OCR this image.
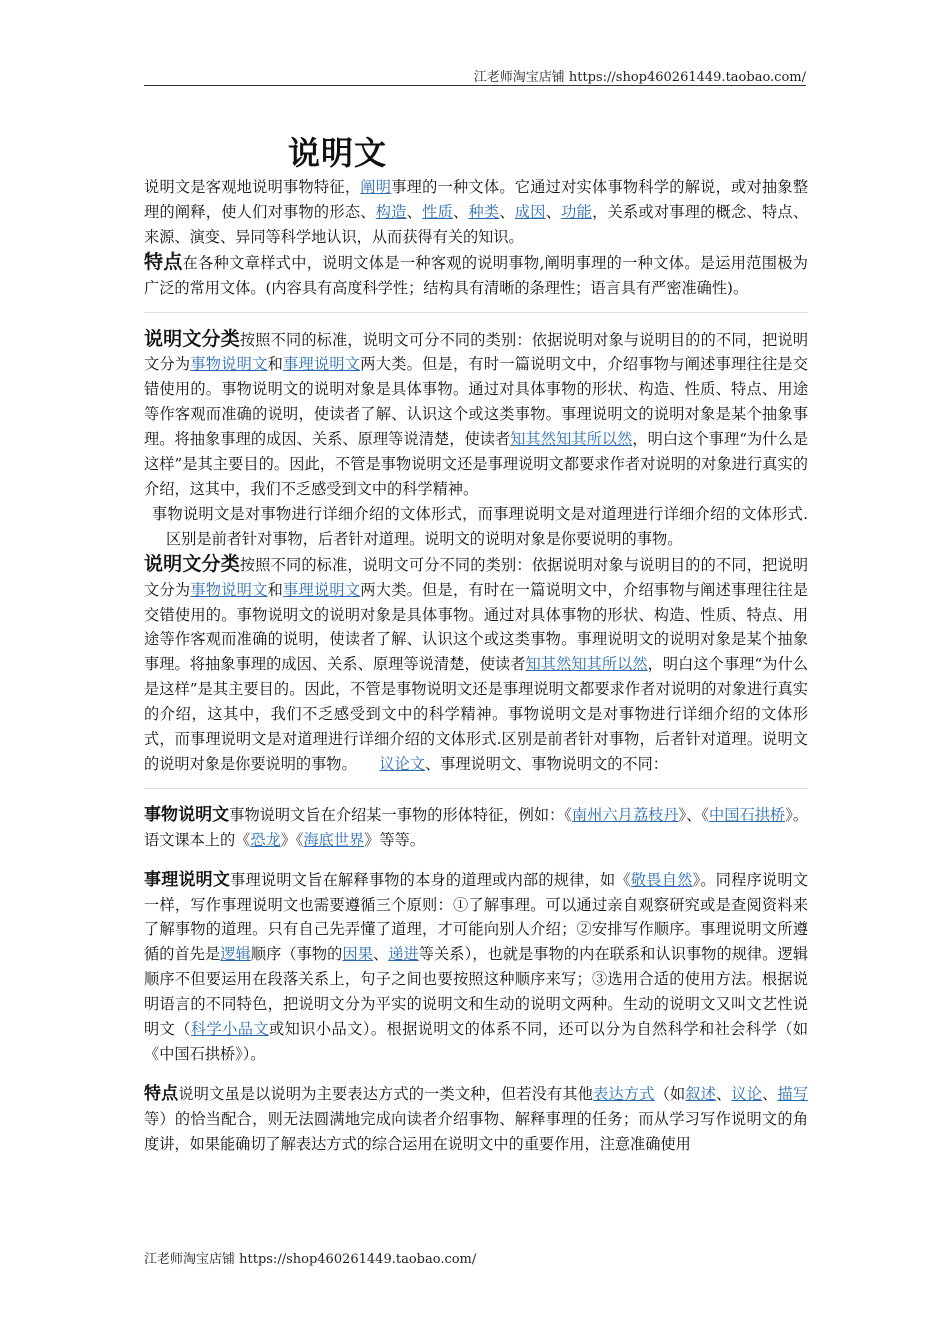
江老师淘宝店铺 https://shop460261449.taobao.com/
说明文

说明文是客观地说明事物特征，阐明事理的一种文体。它通过对实体事物科学的解说，或对抽象整理的阐释，使人们对事物的形态、构造、性质、种类、成因、功能，关系或对事理的概念、特点、来源、演变、异同等科学地认识，从而获得有关的知识。

特点在各种文章样式中，说明文体是一种客观的说明事物,阐明事理的一种文体。是运用范围极为广泛的常用文体。(内容具有高度科学性；结构具有清晰的条理性；语言具有严密准确性)。

说明文分类按照不同的标准，说明文可分不同的类别：依据说明对象与说明目的的不同，把说明文分为事物说明文和事理说明文两大类。但是，有时一篇说明文中，介绍事物与阐述事理往往是交错使用的。事物说明文的说明对象是具体事物。通过对具体事物的形状、构造、性质、特点、用途等作客观而准确的说明，使读者了解、认识这个或这类事物。事理说明文的说明对象是某个抽象事理。将抽象事理的成因、关系、原理等说清楚，使读者知其然知其所以然，明白这个事理“为什么是这样”是其主要目的。因此，不管是事物说明文还是事理说明文都要求作者对说明的对象进行真实的介绍，这其中，我们不乏感受到文中的科学精神。

事物说明文是对事物进行详细介绍的文体形式，而事理说明文是对道理进行详细介绍的文体形式.区别是前者针对事物，后者针对道理。说明文的说明对象是你要说明的事物。

说明文分类按照不同的标准，说明文可分不同的类别：依据说明对象与说明目的的不同，把说明文分为事物说明文和事理说明文两大类。但是，有时在一篇说明文中，介绍事物与阐述事理往往是交错使用的。事物说明文的说明对象是具体事物。通过对具体事物的形状、构造、性质、特点、用途等作客观而准确的说明，使读者了解、认识这个或这类事物。事理说明文的说明对象是某个抽象事理。将抽象事理的成因、关系、原理等说清楚，使读者知其然知其所以然，明白这个事理“为什么是这样”是其主要目的。因此，不管是事物说明文还是事理说明文都要求作者对说明的对象进行真实的介绍，这其中，我们不乏感受到文中的科学精神。事物说明文是对事物进行详细介绍的文体形式，而事理说明文是对道理进行详细介绍的文体形式.区别是前者针对事物，后者针对道理。说明文的说明对象是你要说明的事物。　　议论文、事理说明文、事物说明文的不同：

事物说明文事物说明文旨在介绍某一事物的形体特征，例如：《南州六月荔枝丹》、《中国石拱桥》。语文课本上的《恐龙》《海底世界》等等。

事理说明文事理说明文旨在解释事物的本身的道理或内部的规律，如《敬畏自然》。同程序说明文一样，写作事理说明文也需要遵循三个原则：①了解事理。可以通过亲自观察研究或是查阅资料来了解事物的道理。只有自己先弄懂了道理，才可能向别人介绍；②安排写作顺序。事理说明文所遵循的首先是逻辑顺序（事物的因果、递进等关系），也就是事物的内在联系和认识事物的规律。逻辑顺序不但要运用在段落关系上，句子之间也要按照这种顺序来写；③选用合适的使用方法。根据说明语言的不同特色，把说明文分为平实的说明文和生动的说明文两种。生动的说明文又叫文艺性说明文（科学小品文或知识小品文）。根据说明文的体系不同，还可以分为自然科学和社会科学（如《中国石拱桥》）。

特点说明文虽是以说明为主要表达方式的一类文种，但若没有其他表达方式（如叙述、议论、描写等）的恰当配合，则无法圆满地完成向读者介绍事物、解释事理的任务；而从学习写作说明文的角度讲，如果能确切了解表达方式的综合运用在说明文中的重要作用，注意准确使用

江老师淘宝店铺 https://shop460261449.taobao.com/
